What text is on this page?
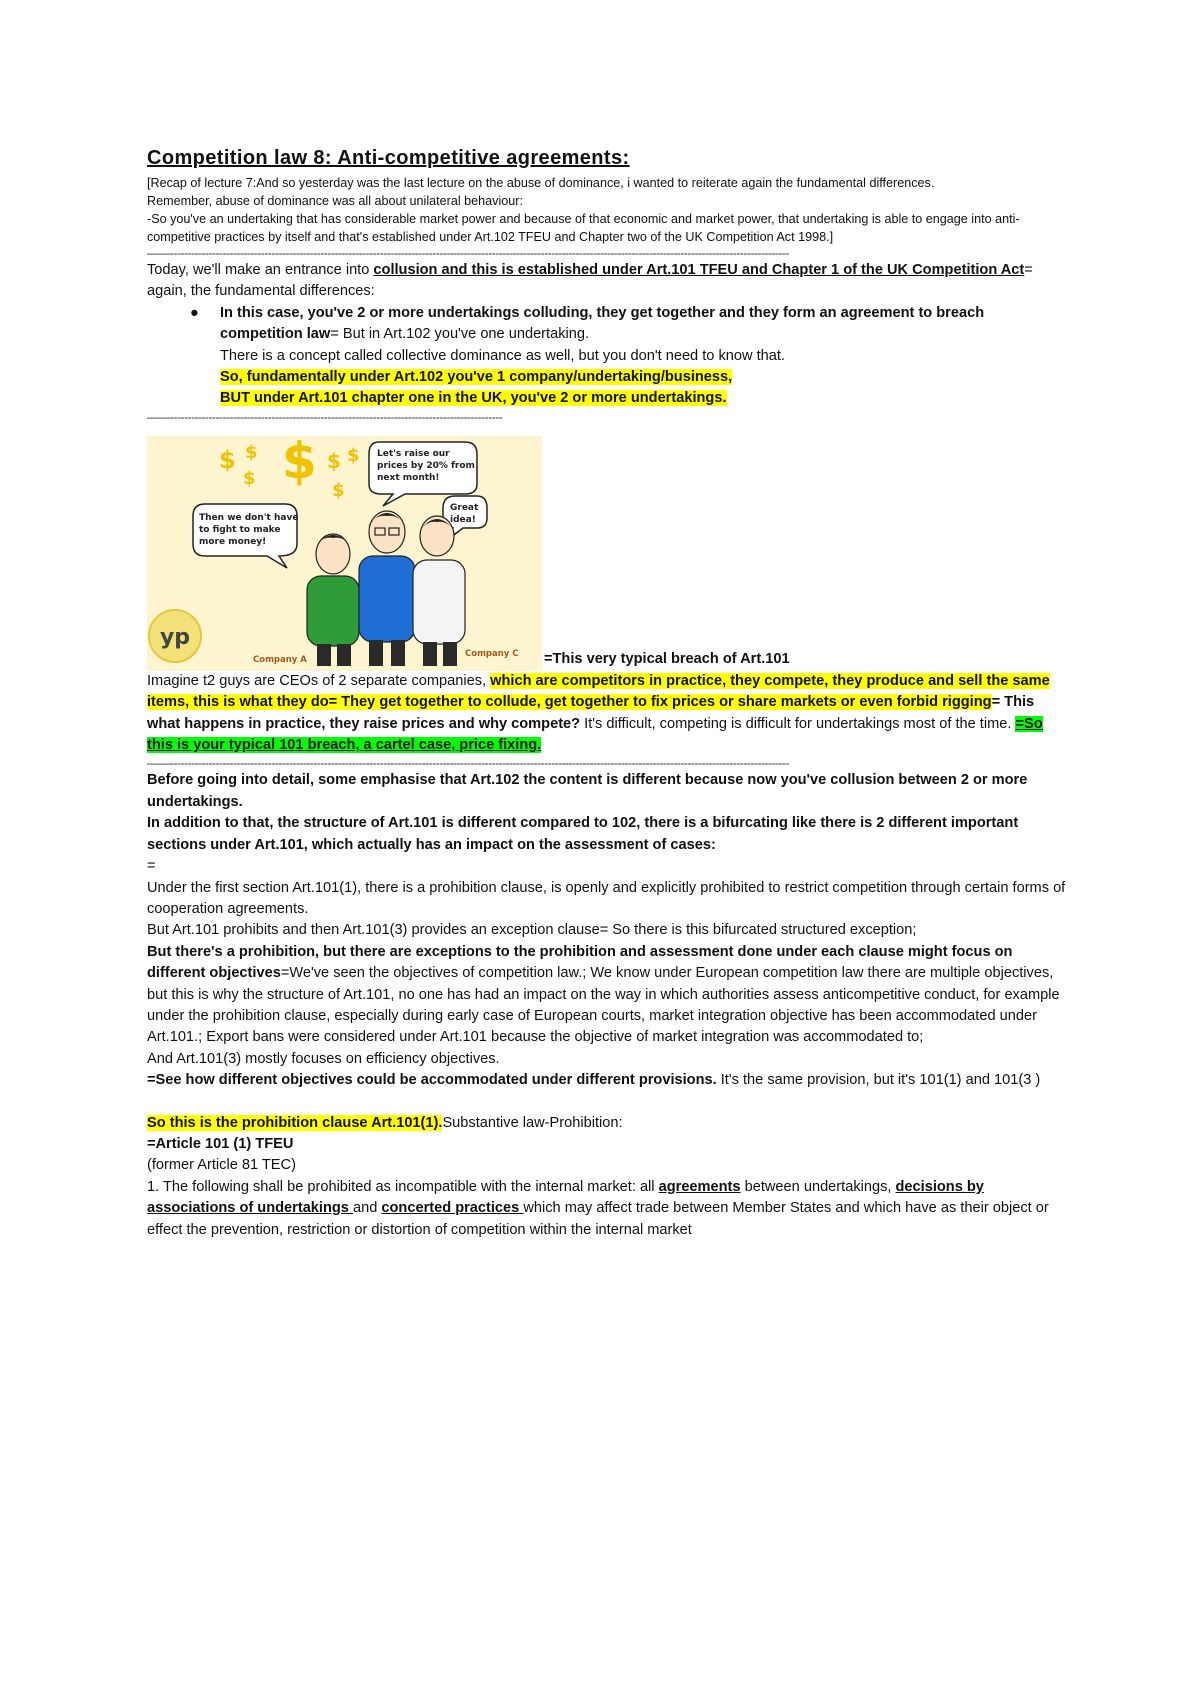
Competition law 8: Anti-competitive agreements:
[Recap of lecture 7:And so yesterday was the last lecture on the abuse of dominance, i wanted to reiterate again the fundamental differences.
Remember, abuse of dominance was all about unilateral behaviour:
-So you've an undertaking that has considerable market power and because of that economic and market power, that undertaking is able to engage into anti-competitive practices by itself and that's established under Art.102 TFEU and Chapter two of the UK Competition Act 1998.]
——---------------------------------------------------------------------------------------------------------------------------------------------------------------------------------
Today, we'll make an entrance into collusion and this is established under Art.101 TFEU and Chapter 1 of the UK Competition Act= again, the fundamental differences:
● In this case, you've 2 or more undertakings colluding, they get together and they form an agreement to breach competition law= But in Art.102 you've one undertaking.
There is a concept called collective dominance as well, but you don't need to know that.
So, fundamentally under Art.102 you've 1 company/undertaking/business,
BUT under Art.101 chapter one in the UK, you've 2 or more undertakings.
——-----------------------------------------------------------------------------------------------
$ $
$ $ $ $
$
Let's raise our prices by 20% from next month!
Then we don't have to fight to make more money!
Great idea!
yp
Company A
Company C =This very typical breach of Art.101
Imagine t2 guys are CEOs of 2 separate companies, which are competitors in practice, they compete, they produce and sell the same items, this is what they do= They get together to collude, get together to fix prices or share markets or even forbid rigging= This what happens in practice, they raise prices and why compete? It's difficult, competing is difficult for undertakings most of the time. =So this is your typical 101 breach, a cartel case, price fixing.
——---------------------------------------------------------------------------------------------------------------------------------------------------------------------------------
Before going into detail, some emphasise that Art.102 the content is different because now you've collusion between 2 or more undertakings.
In addition to that, the structure of Art.101 is different compared to 102, there is a bifurcating like there is 2 different important sections under Art.101, which actually has an impact on the assessment of cases:
=
Under the first section Art.101(1), there is a prohibition clause, is openly and explicitly prohibited to restrict competition through certain forms of cooperation agreements.
But Art.101 prohibits and then Art.101(3) provides an exception clause= So there is this bifurcated structured exception;
But there's a prohibition, but there are exceptions to the prohibition and assessment done under each clause might focus on different objectives=We've seen the objectives of competition law.; We know under European competition law there are multiple objectives, but this is why the structure of Art.101, no one has had an impact on the way in which authorities assess anticompetitive conduct, for example under the prohibition clause, especially during early case of European courts, market integration objective has been accommodated under Art.101.; Export bans were considered under Art.101 because the objective of market integration was accommodated to;
And Art.101(3) mostly focuses on efficiency objectives.
=See how different objectives could be accommodated under different provisions. It's the same provision, but it's 101(1) and 101(3 )
So this is the prohibition clause Art.101(1).Substantive law-Prohibition:
=Article 101 (1) TFEU
(former Article 81 TEC)
1. The following shall be prohibited as incompatible with the internal market: all agreements between undertakings, decisions by associations of undertakings and concerted practices which may affect trade between Member States and which have as their object or effect the prevention, restriction or distortion of competition within the internal market
